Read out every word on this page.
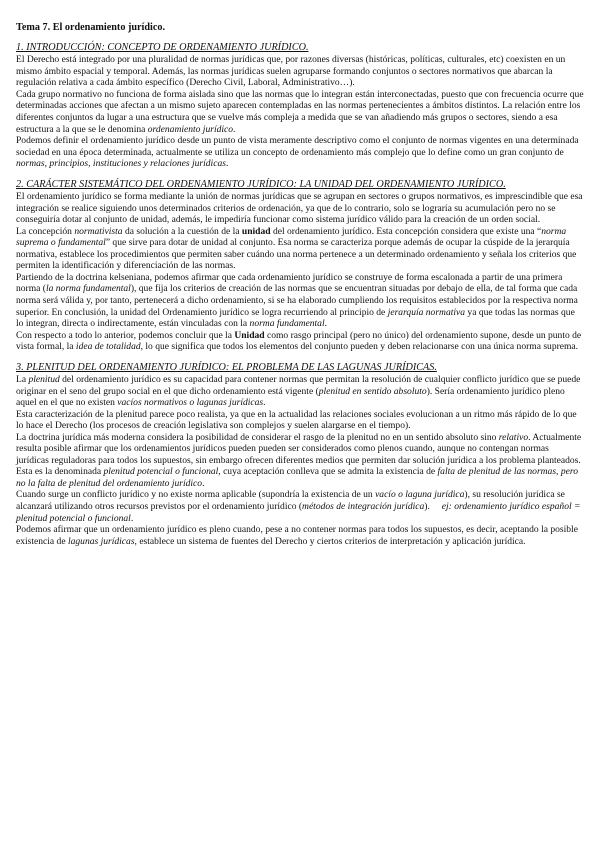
Tema 7. El ordenamiento jurídico.
1. INTRODUCCIÓN: CONCEPTO DE ORDENAMIENTO JURÍDICO.

El Derecho está integrado por una pluralidad de normas jurídicas que, por razones diversas (históricas, políticas, culturales, etc) coexisten en un mismo ámbito espacial y temporal. Además, las normas jurídicas suelen agruparse formando conjuntos o sectores normativos que abarcan la regulación relativa a cada ámbito específico (Derecho Civil, Laboral, Administrativo…).

Cada grupo normativo no funciona de forma aislada sino que las normas que lo integran están interconectadas, puesto que con frecuencia ocurre que determinadas acciones que afectan a un mismo sujeto aparecen contempladas en las normas pertenecientes a ámbitos distintos. La relación entre los diferentes conjuntos da lugar a una estructura que se vuelve más compleja a medida que se van añadiendo más grupos o sectores, siendo a esa estructura a la que se le denomina ordenamiento jurídico.

Podemos definir el ordenamiento jurídico desde un punto de vista meramente descriptivo como el conjunto de normas vigentes en una determinada sociedad en una época determinada, actualmente se utiliza un concepto de ordenamiento más complejo que lo define como un gran conjunto de normas, principios, instituciones y relaciones jurídicas.

2. CARÁCTER SISTEMÁTICO DEL ORDENAMIENTO JURÍDICO: LA UNIDAD DEL ORDENAMIENTO JURÍDICO.

El ordenamiento jurídico se forma mediante la unión de normas jurídicas que se agrupan en sectores o grupos normativos, es imprescindible que esa integración se realice siguiendo unos determinados criterios de ordenación, ya que de lo contrario, solo se lograría su acumulación pero no se conseguiría dotar al conjunto de unidad, además, le impediría funcionar como sistema jurídico válido para la creación de un orden social.

La concepción normativista da solución a la cuestión de la unidad del ordenamiento jurídico. Esta concepción considera que existe una “norma suprema o fundamental” que sirve para dotar de unidad al conjunto. Esa norma se caracteriza porque además de ocupar la cúspide de la jerarquía normativa, establece los procedimientos que permiten saber cuándo una norma pertenece a un determinado ordenamiento y señala los criterios que permiten la identificación y diferenciación de las normas.

Partiendo de la doctrina kelseniana, podemos afirmar que cada ordenamiento jurídico se construye de forma escalonada a partir de una primera norma (la norma fundamental), que fija los criterios de creación de las normas que se encuentran situadas por debajo de ella, de tal forma que cada norma será válida y, por tanto, pertenecerá a dicho ordenamiento, si se ha elaborado cumpliendo los requisitos establecidos por la respectiva norma superior. En conclusión, la unidad del Ordenamiento jurídico se logra recurriendo al principio de jerarquía normativa ya que todas las normas que lo integran, directa o indirectamente, están vinculadas con la norma fundamental.

Con respecto a todo lo anterior, podemos concluir que la Unidad como rasgo principal (pero no único) del ordenamiento supone, desde un punto de vista formal, la idea de totalidad, lo que significa que todos los elementos del conjunto pueden y deben relacionarse con una única norma suprema.

3. PLENITUD DEL ORDENAMIENTO JURÍDICO: EL PROBLEMA DE LAS LAGUNAS JURÍDICAS.

La plenitud del ordenamiento jurídico es su capacidad para contener normas que permitan la resolución de cualquier conflicto jurídico que se puede originar en el seno del grupo social en el que dicho ordenamiento está vigente (plenitud en sentido absoluto). Sería ordenamiento jurídico pleno aquel en el que no existen vacíos normativos o lagunas jurídicas.

Esta caracterización de la plenitud parece poco realista, ya que en la actualidad las relaciones sociales evolucionan a un ritmo más rápido de lo que lo hace el Derecho (los procesos de creación legislativa son complejos y suelen alargarse en el tiempo).

La doctrina jurídica más moderna considera la posibilidad de considerar el rasgo de la plenitud no en un sentido absoluto sino relativo. Actualmente resulta posible afirmar que los ordenamientos jurídicos pueden pueden ser considerados como plenos cuando, aunque no contengan normas jurídicas reguladoras para todos los supuestos, sin embargo ofrecen diferentes medios que permiten dar solución jurídica a los problema planteados. Esta es la denominada plenitud potencial o funcional, cuya aceptación conlleva que se admita la existencia de falta de plenitud de las normas, pero no la falta de plenitud del ordenamiento jurídico.

Cuando surge un conflicto jurídico y no existe norma aplicable (supondría la existencia de un vacío o laguna jurídica), su resolución jurídica se alcanzará utilizando otros recursos previstos por el ordenamiento jurídico (métodos de integración jurídica).     ej: ordenamiento jurídico español = plenitud potencial o funcional.

Podemos afirmar que un ordenamiento jurídico es pleno cuando, pese a no contener normas para todos los supuestos, es decir, aceptando la posible existencia de lagunas jurídicas, establece un sistema de fuentes del Derecho y ciertos criterios de interpretación y aplicación jurídica.
